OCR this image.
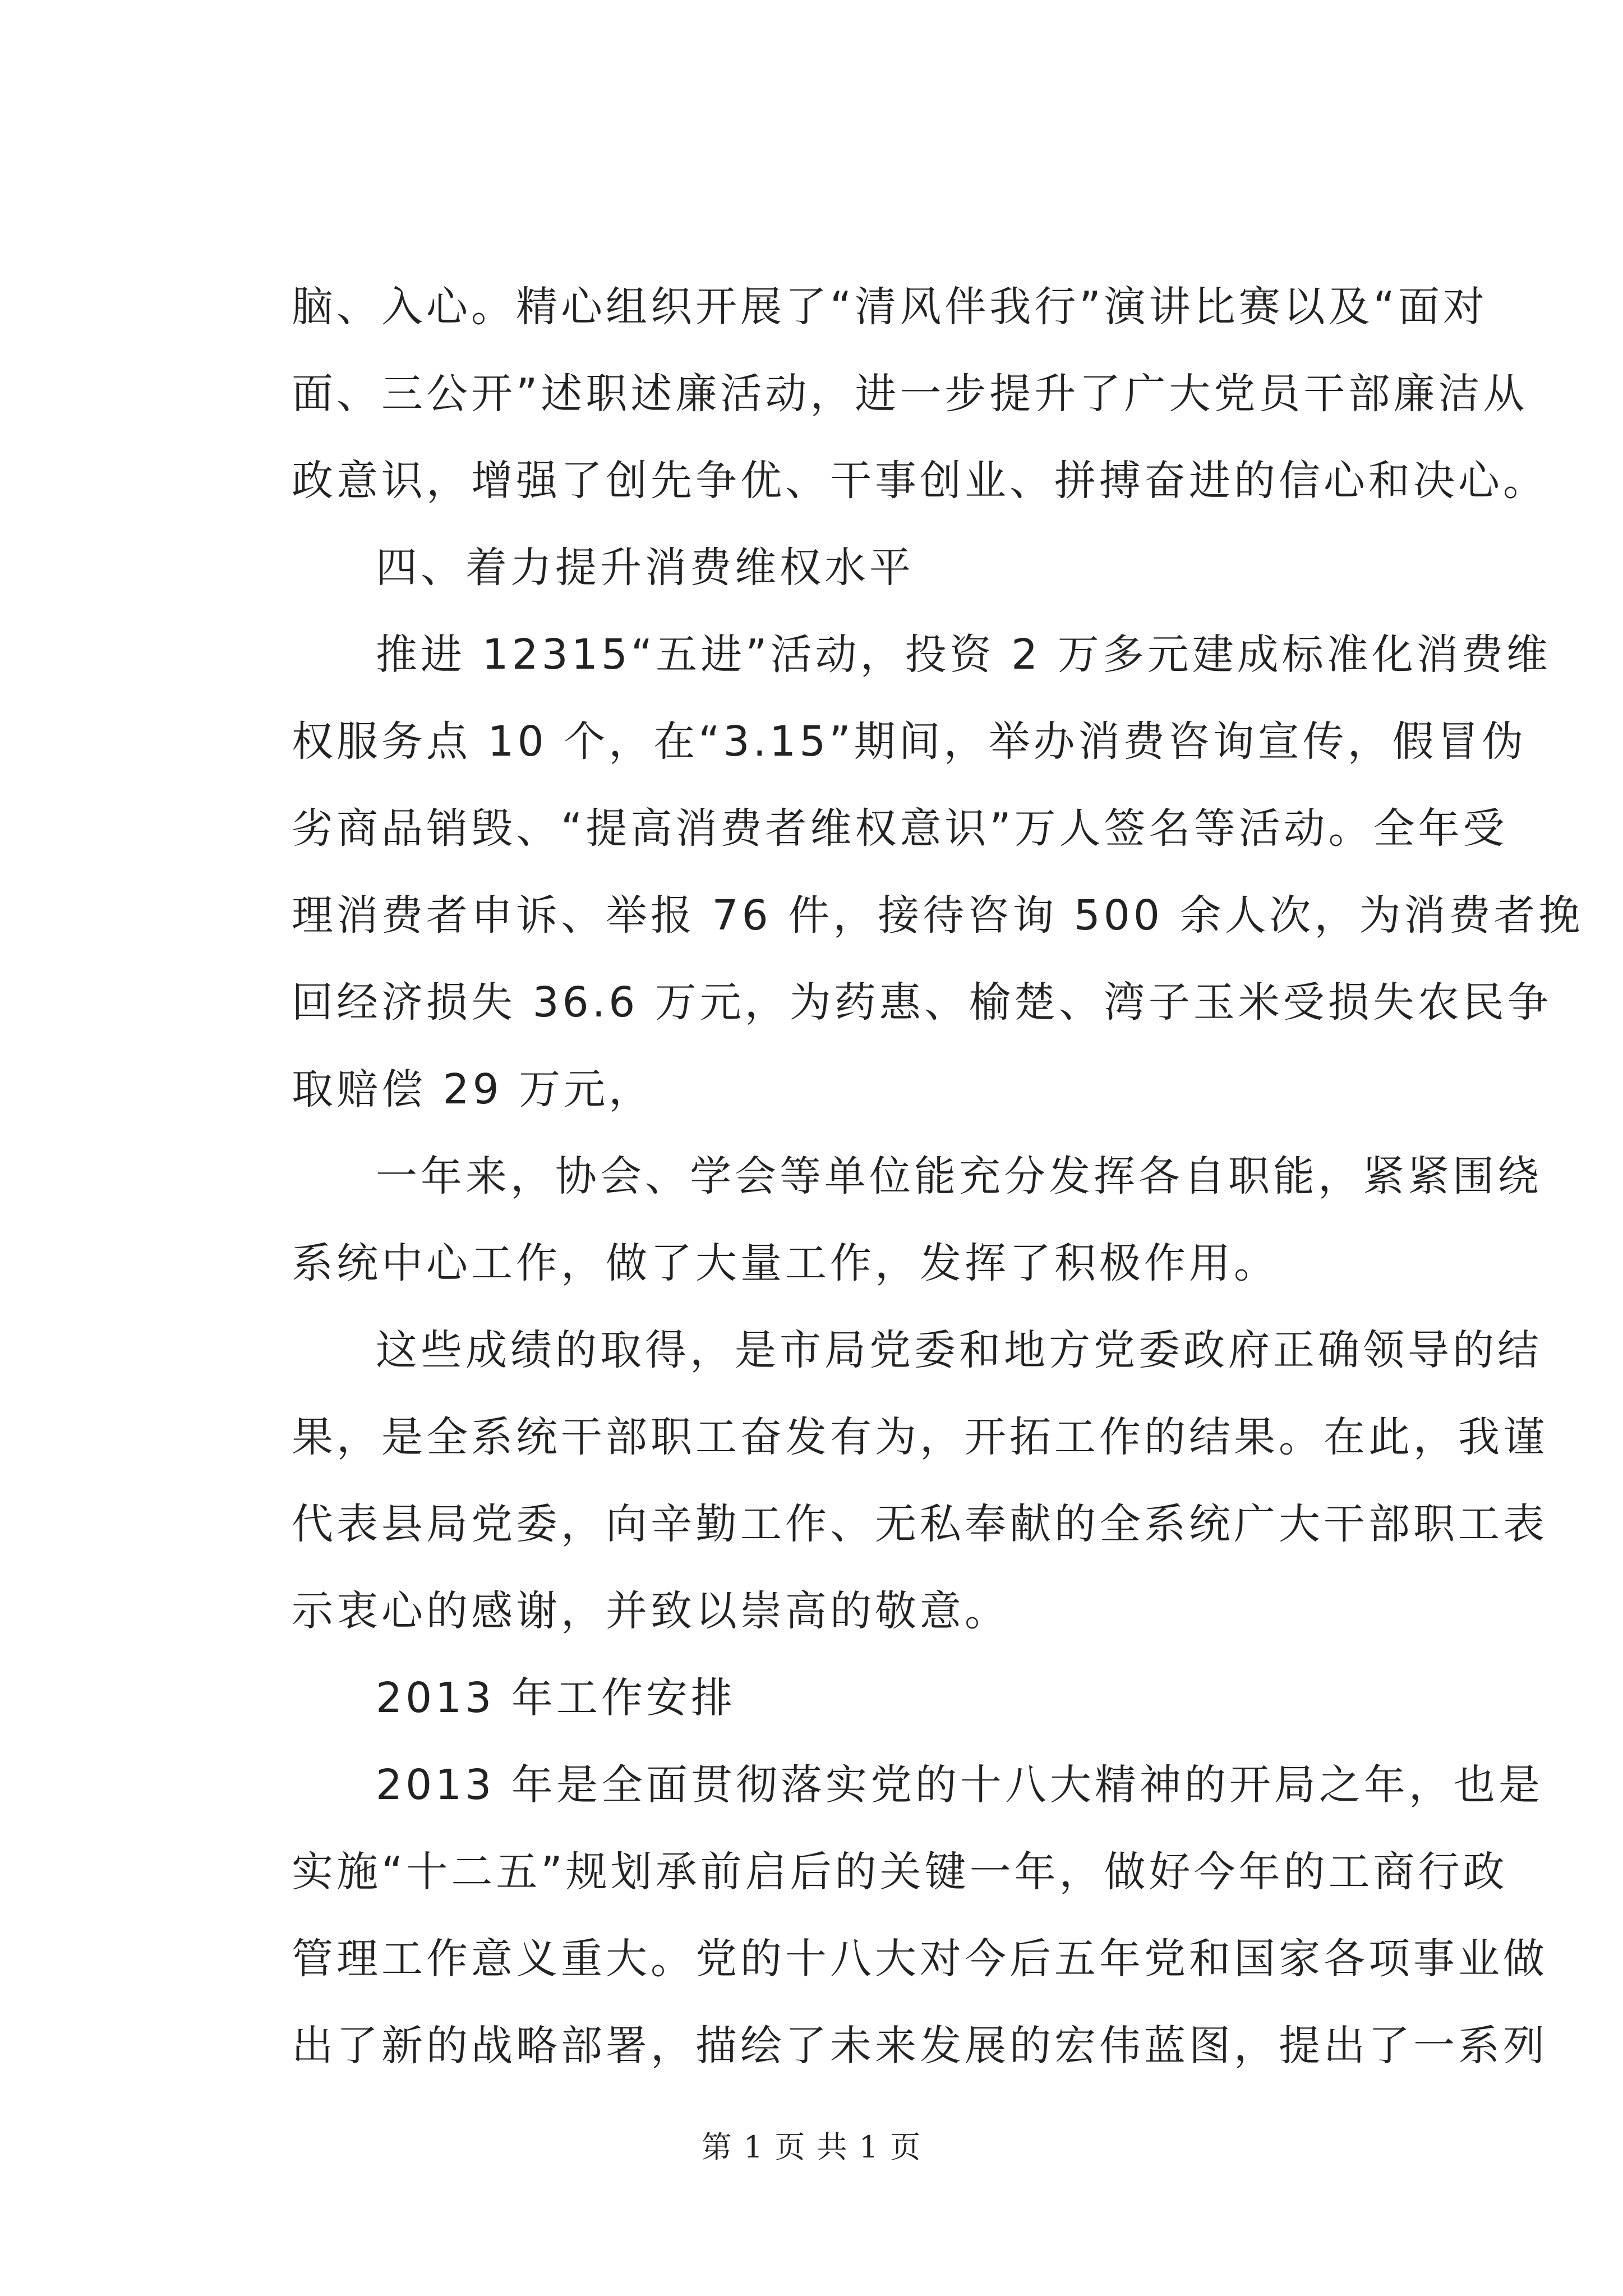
脑、入心。精心组织开展了“清风伴我行”演讲比赛以及“面对
面、三公开”述职述廉活动，进一步提升了广大党员干部廉洁从
政意识，增强了创先争优、干事创业、拼搏奋进的信心和决心。
四、着力提升消费维权水平
推进 12315“五进”活动，投资 2 万多元建成标准化消费维
权服务点 10 个，在“3.15”期间，举办消费咨询宣传，假冒伪
劣商品销毁、“提高消费者维权意识”万人签名等活动。全年受
理消费者申诉、举报 76 件，接待咨询 500 余人次，为消费者挽
回经济损失 36.6 万元，为药惠、榆楚、湾子玉米受损失农民争
取赔偿 29 万元，
一年来，协会、学会等单位能充分发挥各自职能，紧紧围绕
系统中心工作，做了大量工作，发挥了积极作用。
这些成绩的取得，是市局党委和地方党委政府正确领导的结
果，是全系统干部职工奋发有为，开拓工作的结果。在此，我谨
代表县局党委，向辛勤工作、无私奉献的全系统广大干部职工表
示衷心的感谢，并致以崇高的敬意。
2013 年工作安排
2013 年是全面贯彻落实党的十八大精神的开局之年，也是
实施“十二五”规划承前启后的关键一年，做好今年的工商行政
管理工作意义重大。党的十八大对今后五年党和国家各项事业做
出了新的战略部署，描绘了未来发展的宏伟蓝图，提出了一系列
第 1 页 共 1 页
